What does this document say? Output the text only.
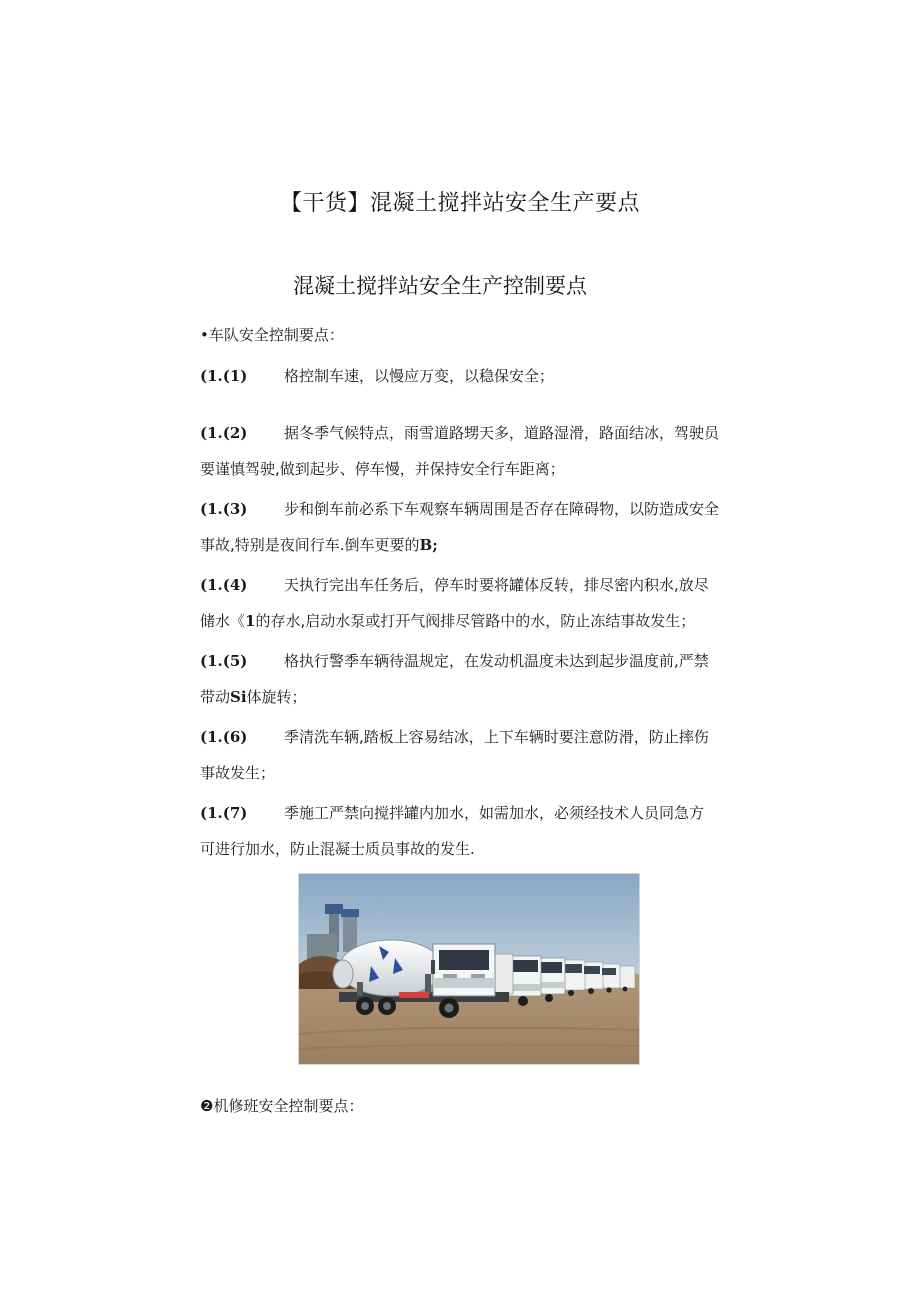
【干货】混凝土搅拌站安全生产要点
混凝土搅拌站安全生产控制要点
•车队安全控制要点：
(1.(1) 格控制车速，以慢应万变，以稳保安全；
(1.(2) 据冬季气候特点，雨雪道路甥天多，道路湿滑，路面结冰，驾驶员
要谨慎驾驶,做到起步、停车慢，并保持安全行车距离；
(1.(3) 步和倒车前必系下车观察车辆周围是否存在障碍物，以防造成安全
事故,特别是夜间行车.倒车更要的B;
(1.(4) 天执行完出车任务后，停车时要将罐体反转，排尽密内积水,放尽
储水《1的存水,启动水泵或打开气阀排尽管路中的水，防止冻结事故发生；
(1.(5) 格执行警季车辆待温规定，在发动机温度未达到起步温度前,严禁
带动Si体旋转；
(1.(6) 季清洗车辆,踏板上容易结冰，上下车辆时要注意防滑，防止摔伤
事故发生；
(1.(7) 季施工严禁向搅拌罐内加水，如需加水，必须经技术人员同急方
可进行加水，防止混凝士质员事故的发生.
❷机修班安全控制要点：
